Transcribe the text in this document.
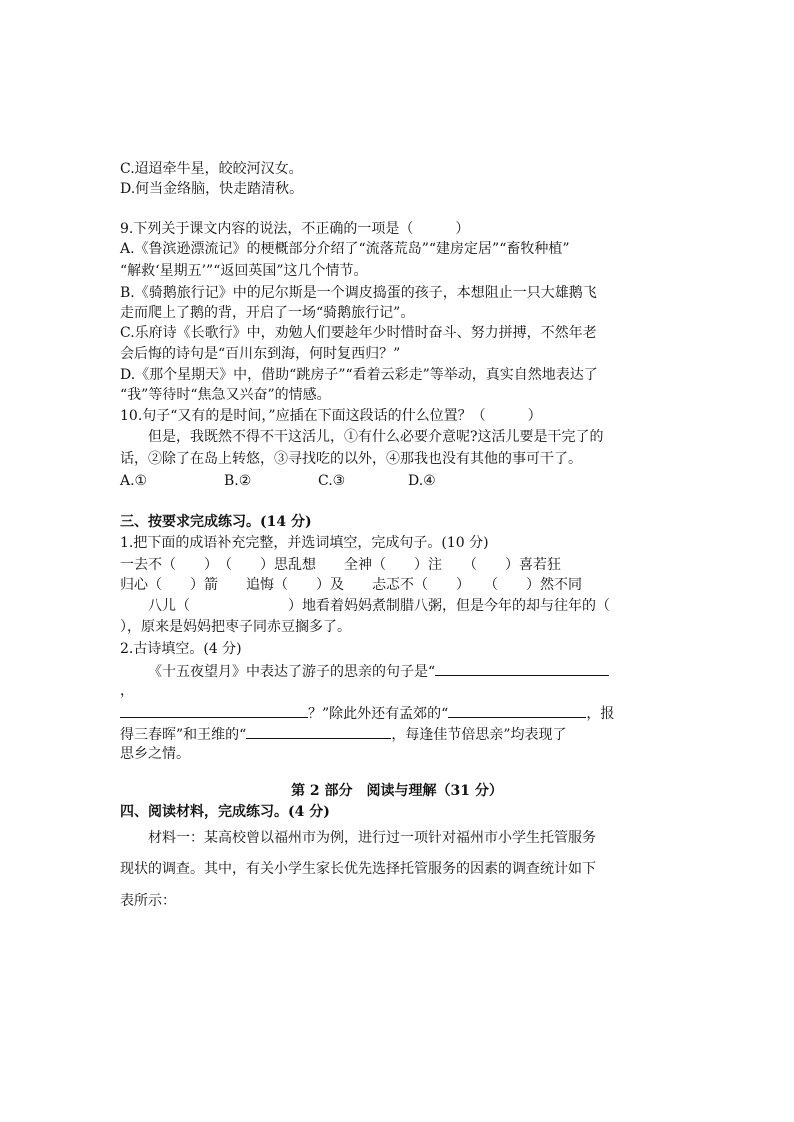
C.迢迢牵牛星，皎皎河汉女。
D.何当金络脑，快走踏清秋。
9.下列关于课文内容的说法，不正确的一项是（　　　）
A.《鲁滨逊漂流记》的梗概部分介绍了“流落荒岛”“建房定居”“畜牧种植”
“解救‘星期五’”“返回英国”这几个情节。
B.《骑鹅旅行记》中的尼尔斯是一个调皮捣蛋的孩子，本想阻止一只大雄鹅飞
走而爬上了鹅的背，开启了一场“骑鹅旅行记”。
C.乐府诗《长歌行》中，劝勉人们要趁年少时惜时奋斗、努力拼搏，不然年老
会后悔的诗句是“百川东到海，何时复西归？”
D.《那个星期天》中，借助“跳房子”“看着云彩走”等举动，真实自然地表达了
“我”等待时“焦急又兴奋”的情感。
10.句子“又有的是时间，”应插在下面这段话的什么位置？（　　　）
但是，我既然不得不干这活儿，①有什么必要介意呢?这活儿要是干完了的
话，②除了在岛上转悠，③寻找吃的以外，④那我也没有其他的事可干了。
A.①	B.②	C.③	D.④
三、按要求完成练习。(14 分)
1.把下面的成语补充完整，并选词填空，完成句子。(10 分)
一去不（　　）　（　　）思乱想　　全神（　　）注　　（　　）喜若狂
归心（　　）箭　　追悔（　　）及　　忐忑不（　　）　　（　　）然不同
八儿（　　　　　　　）地看着妈妈煮制腊八粥，但是今年的却与往年的（
），原来是妈妈把枣子同赤豆搁多了。
2.古诗填空。(4 分)
《十五夜望月》中表达了游子的思亲的句子是“
，
？”除此外还有孟郊的“	，报
得三春晖”和王维的“	，每逢佳节倍思亲”均表现了
思乡之情。
第 2 部分　阅读与理解（31 分）
四、阅读材料，完成练习。(4 分)
材料一：某高校曾以福州市为例，进行过一项针对福州市小学生托管服务
现状的调查。其中，有关小学生家长优先选择托管服务的因素的调查统计如下
表所示：
